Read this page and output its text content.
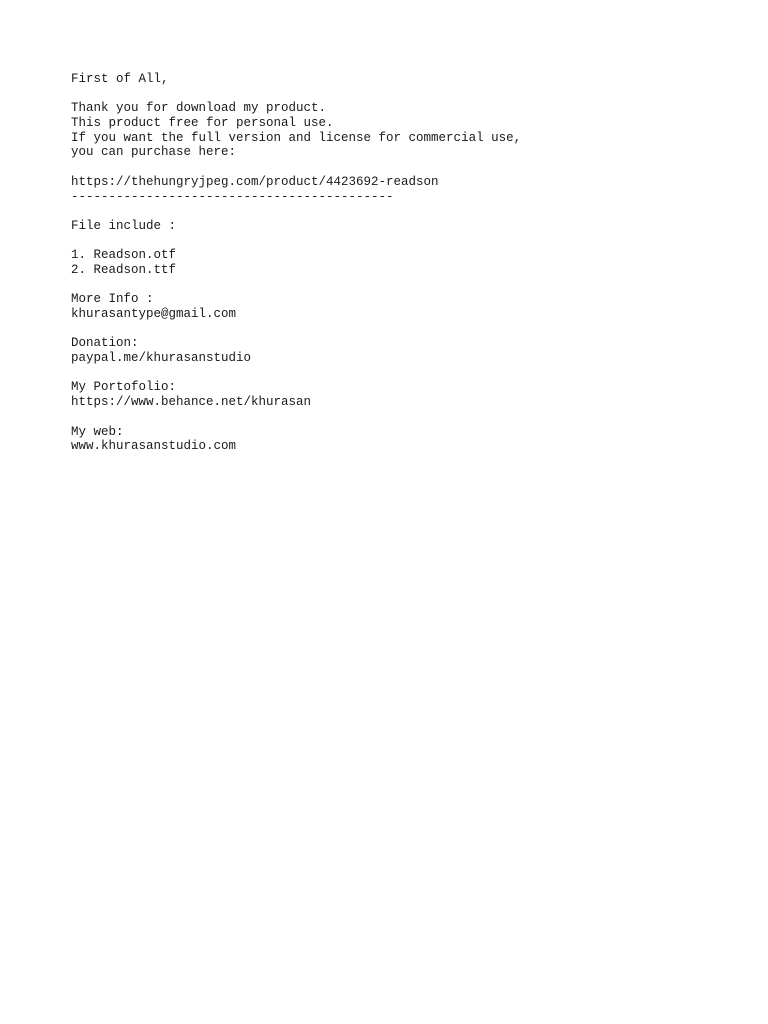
First of All,
Thank you for download my product.
This product free for personal use.
If you want the full version and license for commercial use,
you can purchase here:
https://thehungryjpeg.com/product/4423692-readson
-------------------------------------------
File include :
1. Readson.otf
2. Readson.ttf
More Info :
khurasantype@gmail.com
Donation:
paypal.me/khurasanstudio
My Portofolio:
https://www.behance.net/khurasan
My web:
www.khurasanstudio.com
